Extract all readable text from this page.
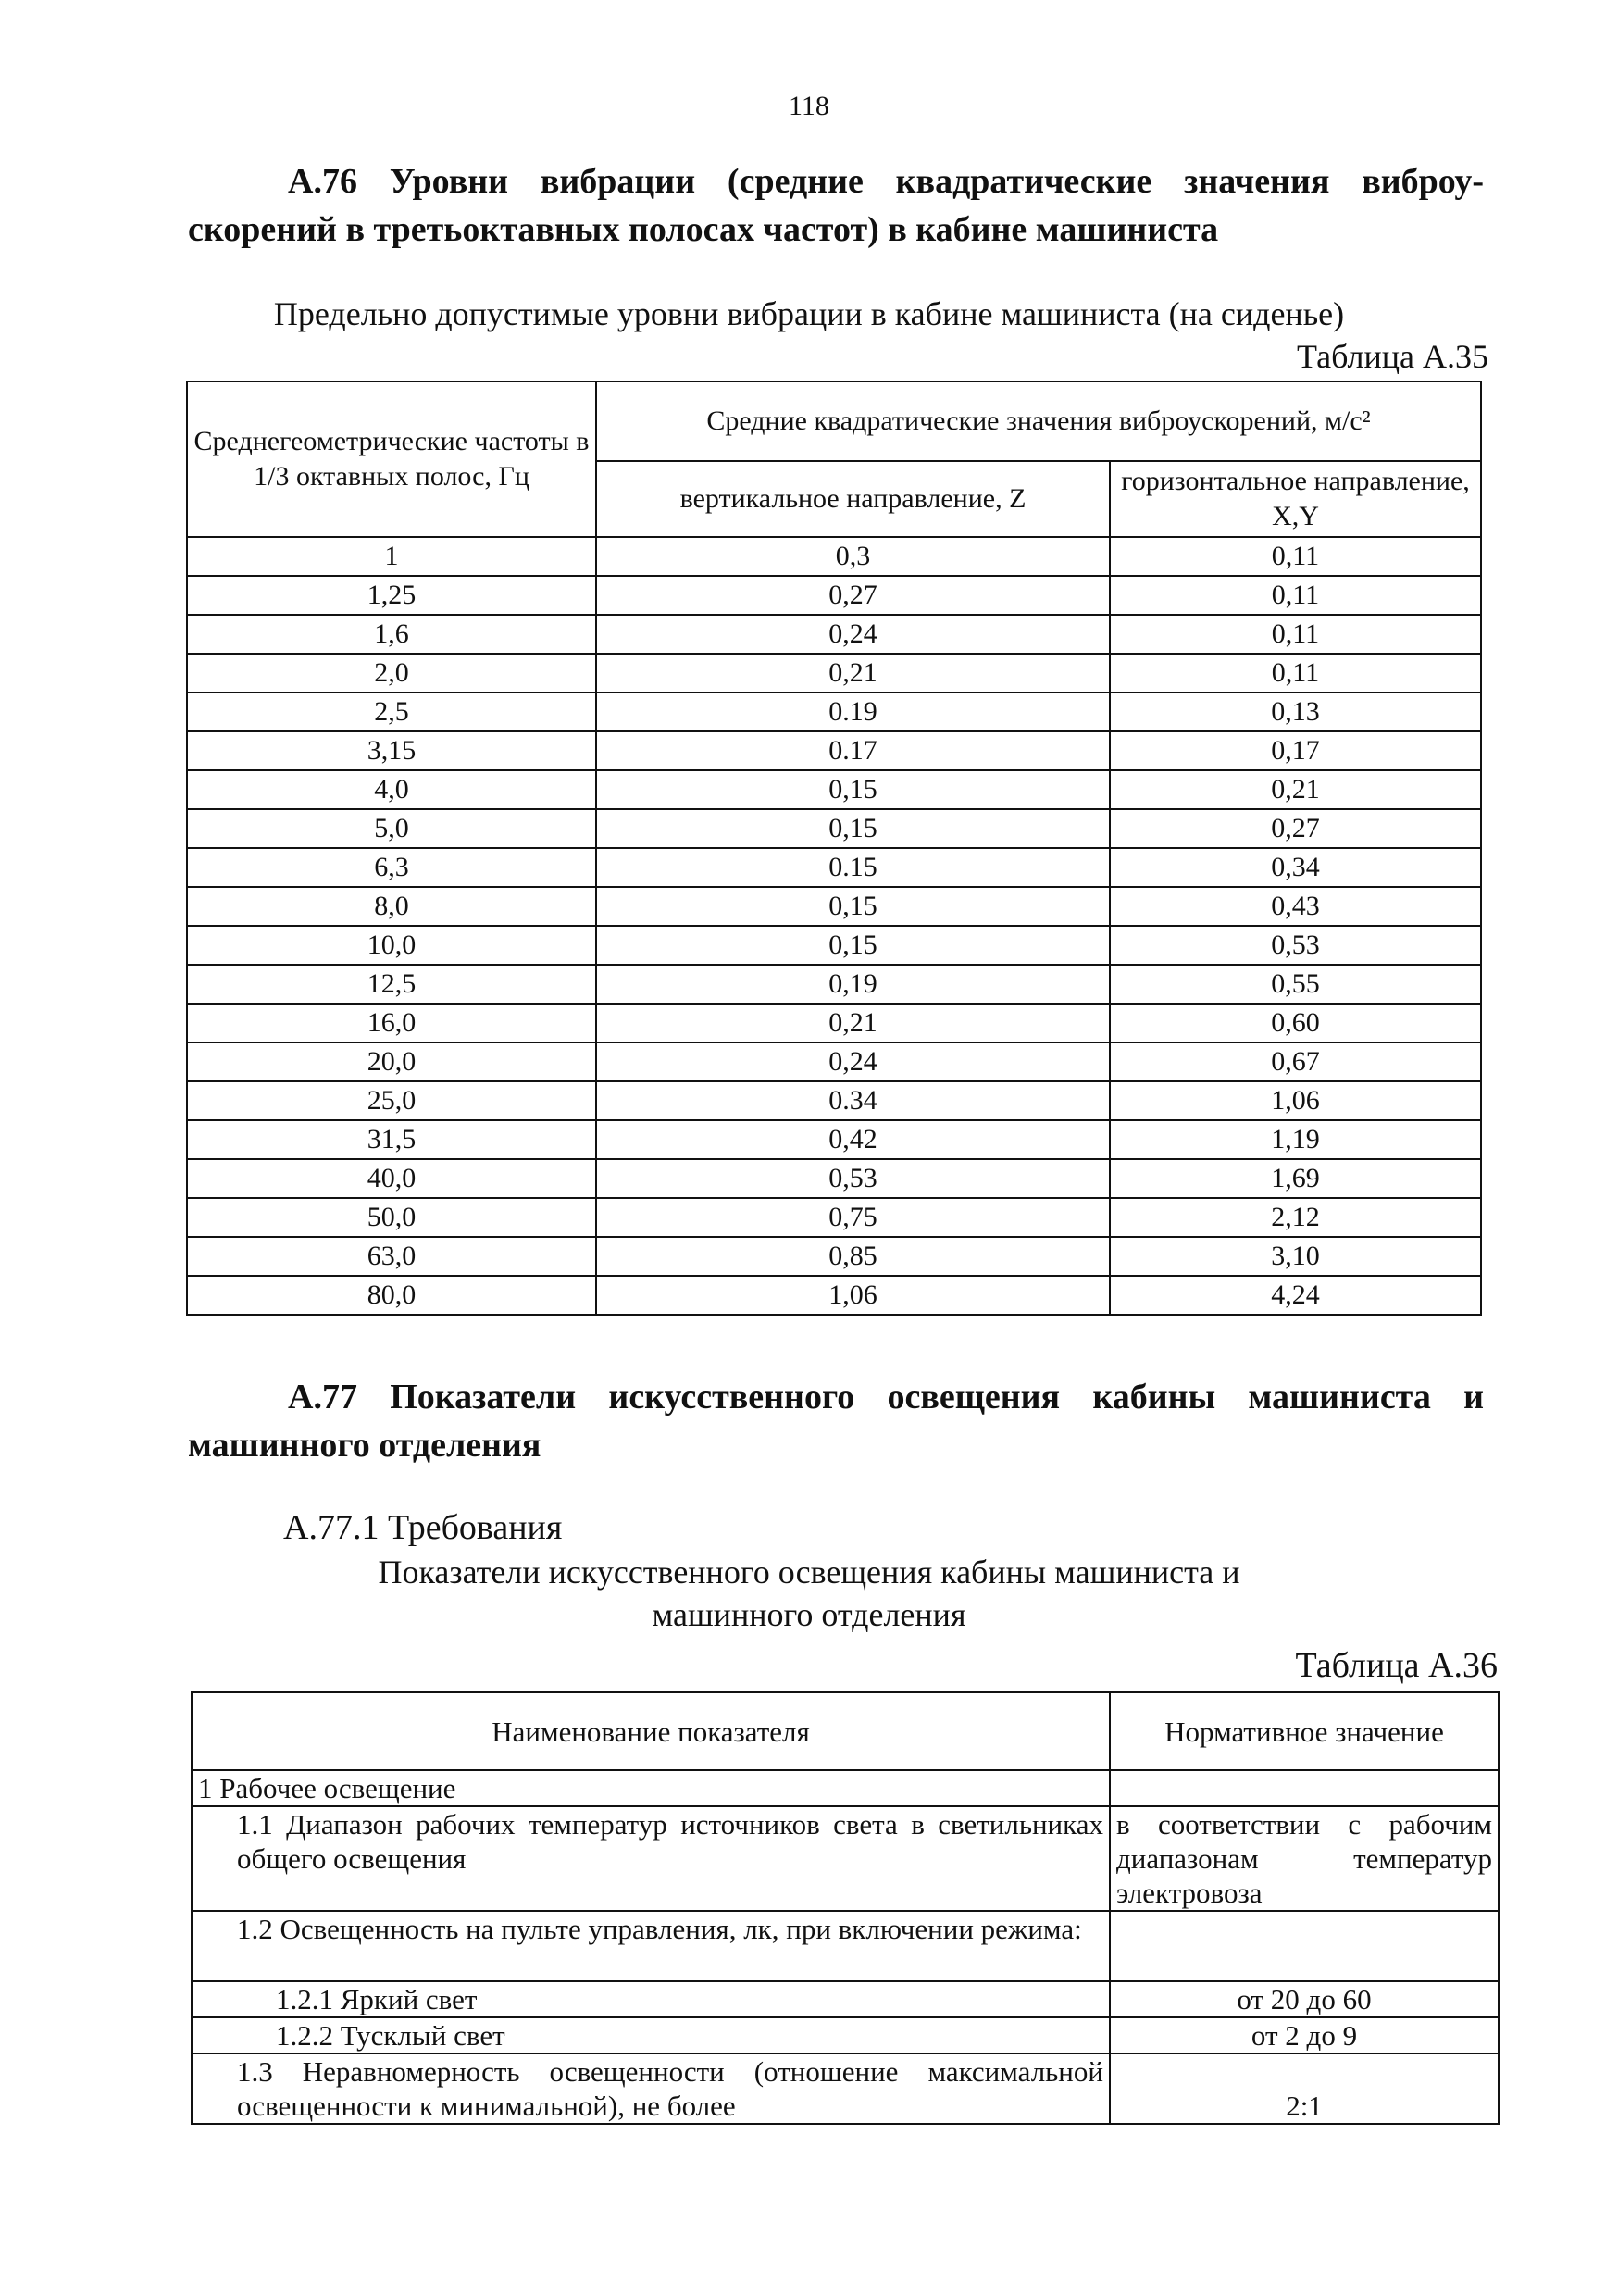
118
А.76 Уровни вибрации (средние квадратические значения виброу-
скорений в третьоктавных полосах частот) в кабине машиниста
Предельно допустимые уровни вибрации в кабине машиниста (на сиденье)
Таблица А.35
Среднегеометрические частоты в 1/3 октавных полос, Гц	Средние квадратические значения виброускорений, м/с²	
	вертикальное направление, Z	горизонтальное направление, X,Y
1	0,3	0,11
1,25	0,27	0,11
1,6	0,24	0,11
2,0	0,21	0,11
2,5	0.19	0,13
3,15	0.17	0,17
4,0	0,15	0,21
5,0	0,15	0,27
6,3	0.15	0,34
8,0	0,15	0,43
10,0	0,15	0,53
12,5	0,19	0,55
16,0	0,21	0,60
20,0	0,24	0,67
25,0	0.34	1,06
31,5	0,42	1,19
40,0	0,53	1,69
50,0	0,75	2,12
63,0	0,85	3,10
80,0	1,06	4,24
А.77 Показатели искусственного освещения кабины машиниста и
машинного отделения
А.77.1 Требования
Показатели искусственного освещения кабины машиниста и
машинного отделения
Таблица А.36
Наименование показателя	Нормативное значение
1 Рабочее освещение	
1.1 Диапазон рабочих температур источников света в светильниках общего освещения	в соответствии с рабочим диапазонам температур электровоза
1.2 Освещенность на пульте управления, лк, при включении режима:	
1.2.1 Яркий свет	от 20 до 60
1.2.2 Тусклый свет	от 2 до 9
1.3 Неравномерность освещенности (отношение максимальной освещенности к минимальной), не более	2:1
